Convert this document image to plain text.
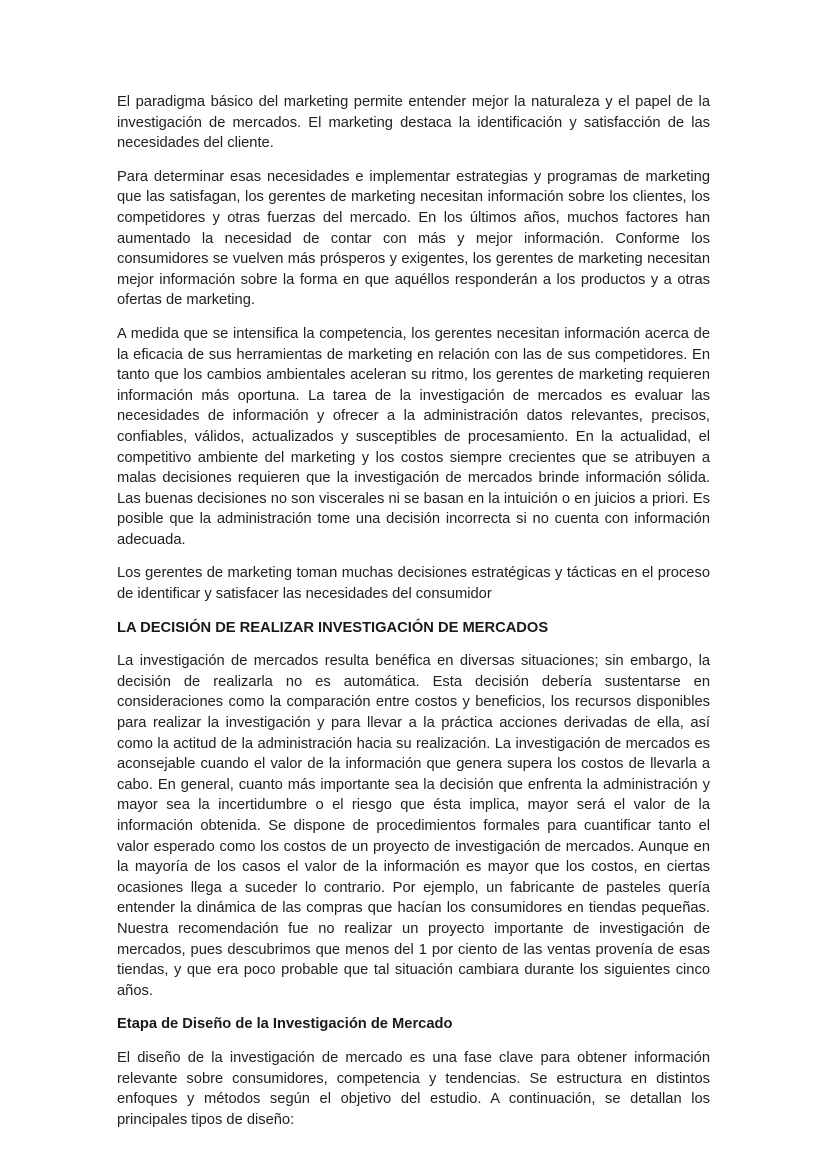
El paradigma básico del marketing permite entender mejor la naturaleza y el papel de la investigación de mercados. El marketing destaca la identificación y satisfacción de las necesidades del cliente.

Para determinar esas necesidades e implementar estrategias y programas de marketing que las satisfagan, los gerentes de marketing necesitan información sobre los clientes, los competidores y otras fuerzas del mercado. En los últimos años, muchos factores han aumentado la necesidad de contar con más y mejor información. Conforme los consumidores se vuelven más prósperos y exigentes, los gerentes de marketing necesitan mejor información sobre la forma en que aquéllos responderán a los productos y a otras ofertas de marketing.

A medida que se intensifica la competencia, los gerentes necesitan información acerca de la eficacia de sus herramientas de marketing en relación con las de sus competidores. En tanto que los cambios ambientales aceleran su ritmo, los gerentes de marketing requieren información más oportuna. La tarea de la investigación de mercados es evaluar las necesidades de información y ofrecer a la administración datos relevantes, precisos, confiables, válidos, actualizados y susceptibles de procesamiento. En la actualidad, el competitivo ambiente del marketing y los costos siempre crecientes que se atribuyen a malas decisiones requieren que la investigación de mercados brinde información sólida. Las buenas decisiones no son viscerales ni se basan en la intuición o en juicios a priori. Es posible que la administración tome una decisión incorrecta si no cuenta con información adecuada.

Los gerentes de marketing toman muchas decisiones estratégicas y tácticas en el proceso de identificar y satisfacer las necesidades del consumidor

LA DECISIÓN DE REALIZAR INVESTIGACIÓN DE MERCADOS

La investigación de mercados resulta benéfica en diversas situaciones; sin embargo, la decisión de realizarla no es automática. Esta decisión debería sustentarse en consideraciones como la comparación entre costos y beneficios, los recursos disponibles para realizar la investigación y para llevar a la práctica acciones derivadas de ella, así como la actitud de la administración hacia su realización. La investigación de mercados es aconsejable cuando el valor de la información que genera supera los costos de llevarla a cabo. En general, cuanto más importante sea la decisión que enfrenta la administración y mayor sea la incertidumbre o el riesgo que ésta implica, mayor será el valor de la información obtenida. Se dispone de procedimientos formales para cuantificar tanto el valor esperado como los costos de un proyecto de investigación de mercados. Aunque en la mayoría de los casos el valor de la información es mayor que los costos, en ciertas ocasiones llega a suceder lo contrario. Por ejemplo, un fabricante de pasteles quería entender la dinámica de las compras que hacían los consumidores en tiendas pequeñas. Nuestra recomendación fue no realizar un proyecto importante de investigación de mercados, pues descubrimos que menos del 1 por ciento de las ventas provenía de esas tiendas, y que era poco probable que tal situación cambiara durante los siguientes cinco años.

Etapa de Diseño de la Investigación de Mercado

El diseño de la investigación de mercado es una fase clave para obtener información relevante sobre consumidores, competencia y tendencias. Se estructura en distintos enfoques y métodos según el objetivo del estudio. A continuación, se detallan los principales tipos de diseño:
